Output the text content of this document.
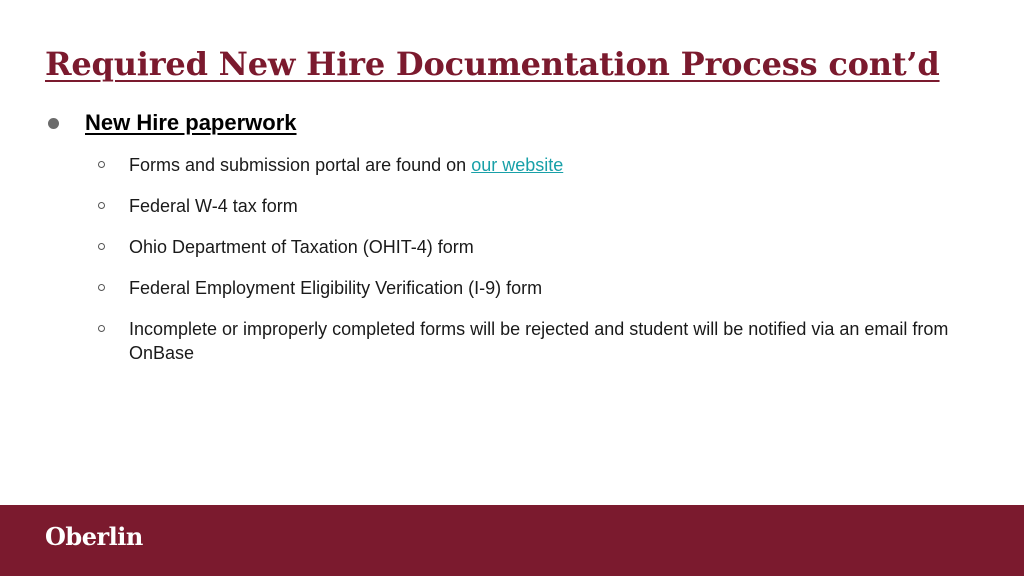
Required New Hire Documentation Process cont’d
New Hire paperwork
Forms and submission portal are found on our website
Federal W-4 tax form
Ohio Department of Taxation (OHIT-4) form
Federal Employment Eligibility Verification (I-9) form
Incomplete or improperly completed forms will be rejected and student will be notified via an email from OnBase
Oberlin
